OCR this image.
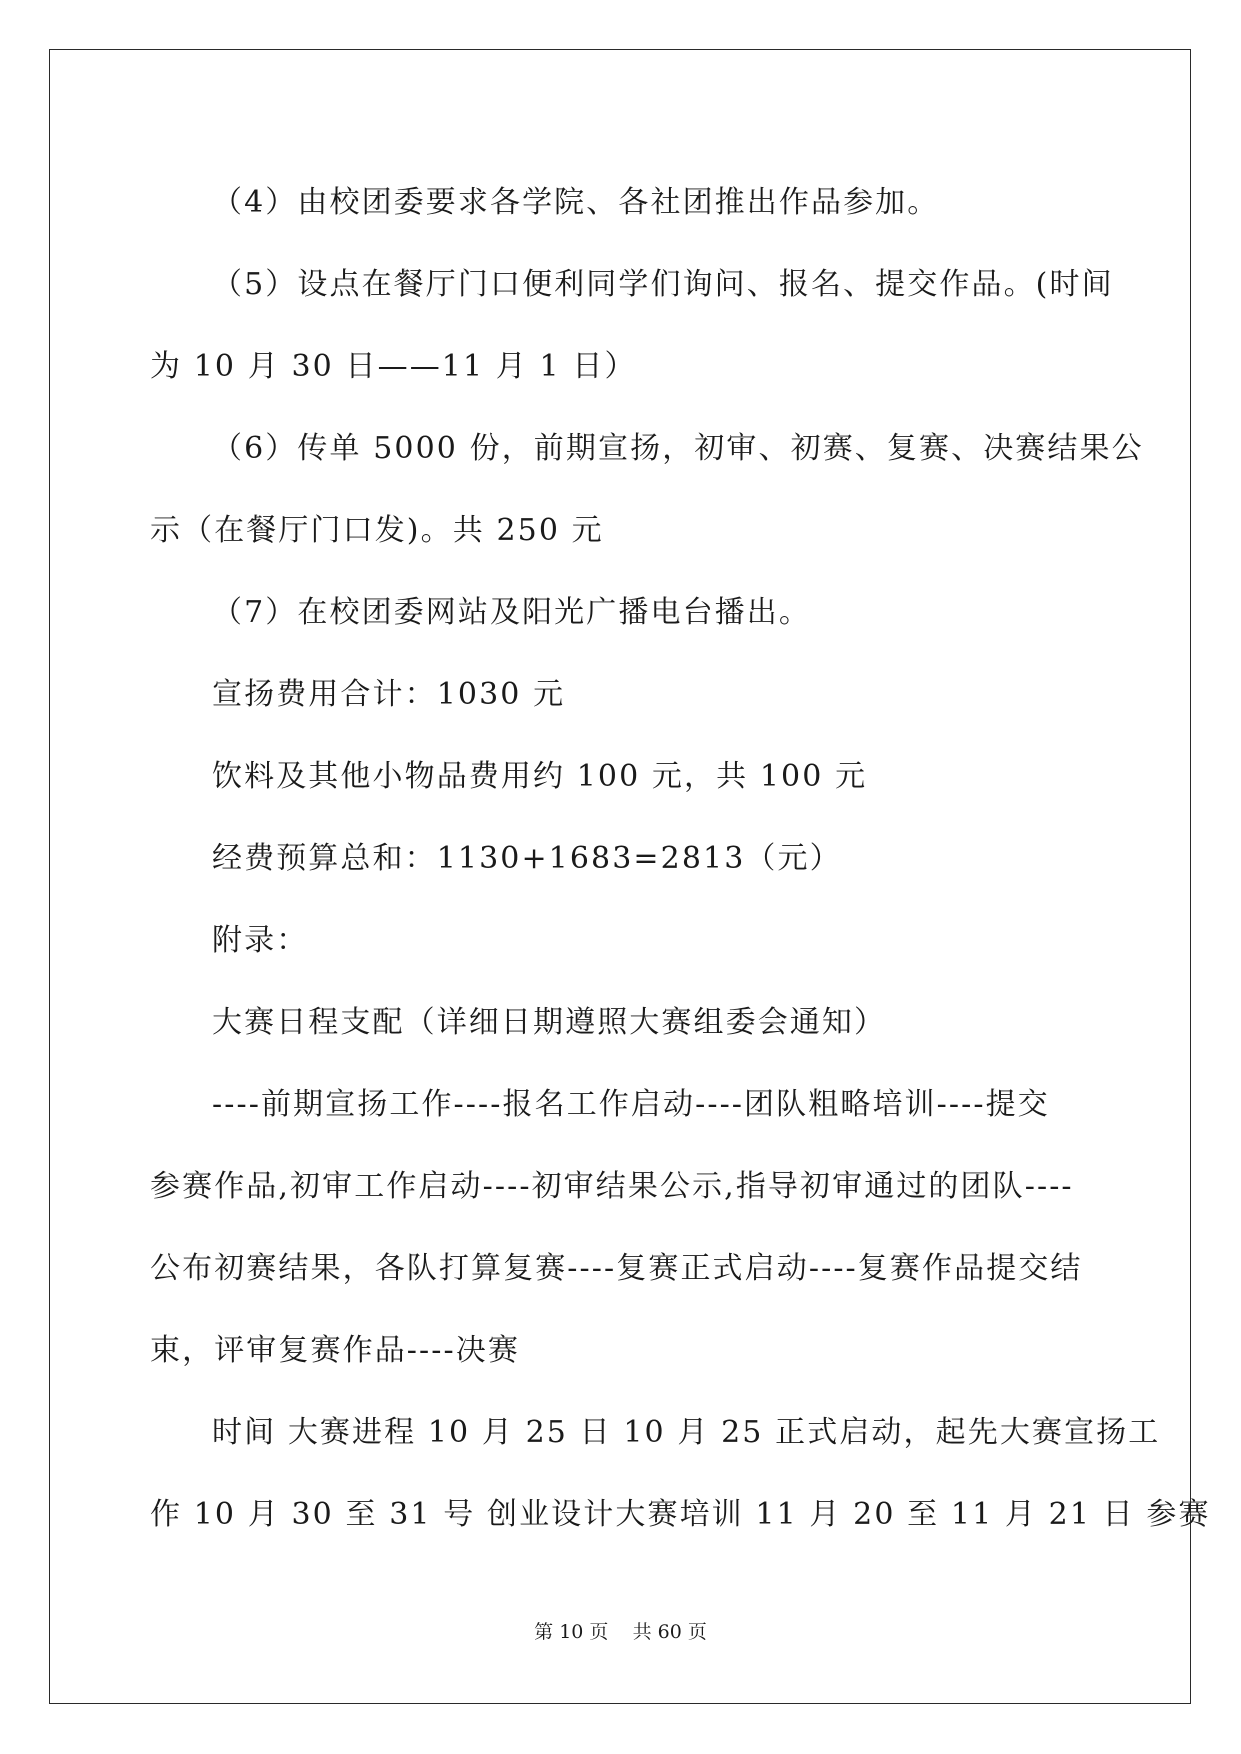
（4）由校团委要求各学院、各社团推出作品参加。

（5）设点在餐厅门口便利同学们询问、报名、提交作品。(时间

为 10 月 30 日——11 月 1 日）

（6）传单 5000 份，前期宣扬，初审、初赛、复赛、决赛结果公

示（在餐厅门口发)。共 250 元

（7）在校团委网站及阳光广播电台播出。

宣扬费用合计：1030 元

饮料及其他小物品费用约 100 元，共 100 元

经费预算总和：1130+1683=2813（元）

附录：

大赛日程支配（详细日期遵照大赛组委会通知）

----前期宣扬工作----报名工作启动----团队粗略培训----提交

参赛作品,初审工作启动----初审结果公示,指导初审通过的团队----

公布初赛结果，各队打算复赛----复赛正式启动----复赛作品提交结

束，评审复赛作品----决赛

时间 大赛进程 10 月 25 日 10 月 25 正式启动，起先大赛宣扬工

作 10 月 30 至 31 号 创业设计大赛培训 11 月 20 至 11 月 21 日 参赛

第 10 页    共 60 页
